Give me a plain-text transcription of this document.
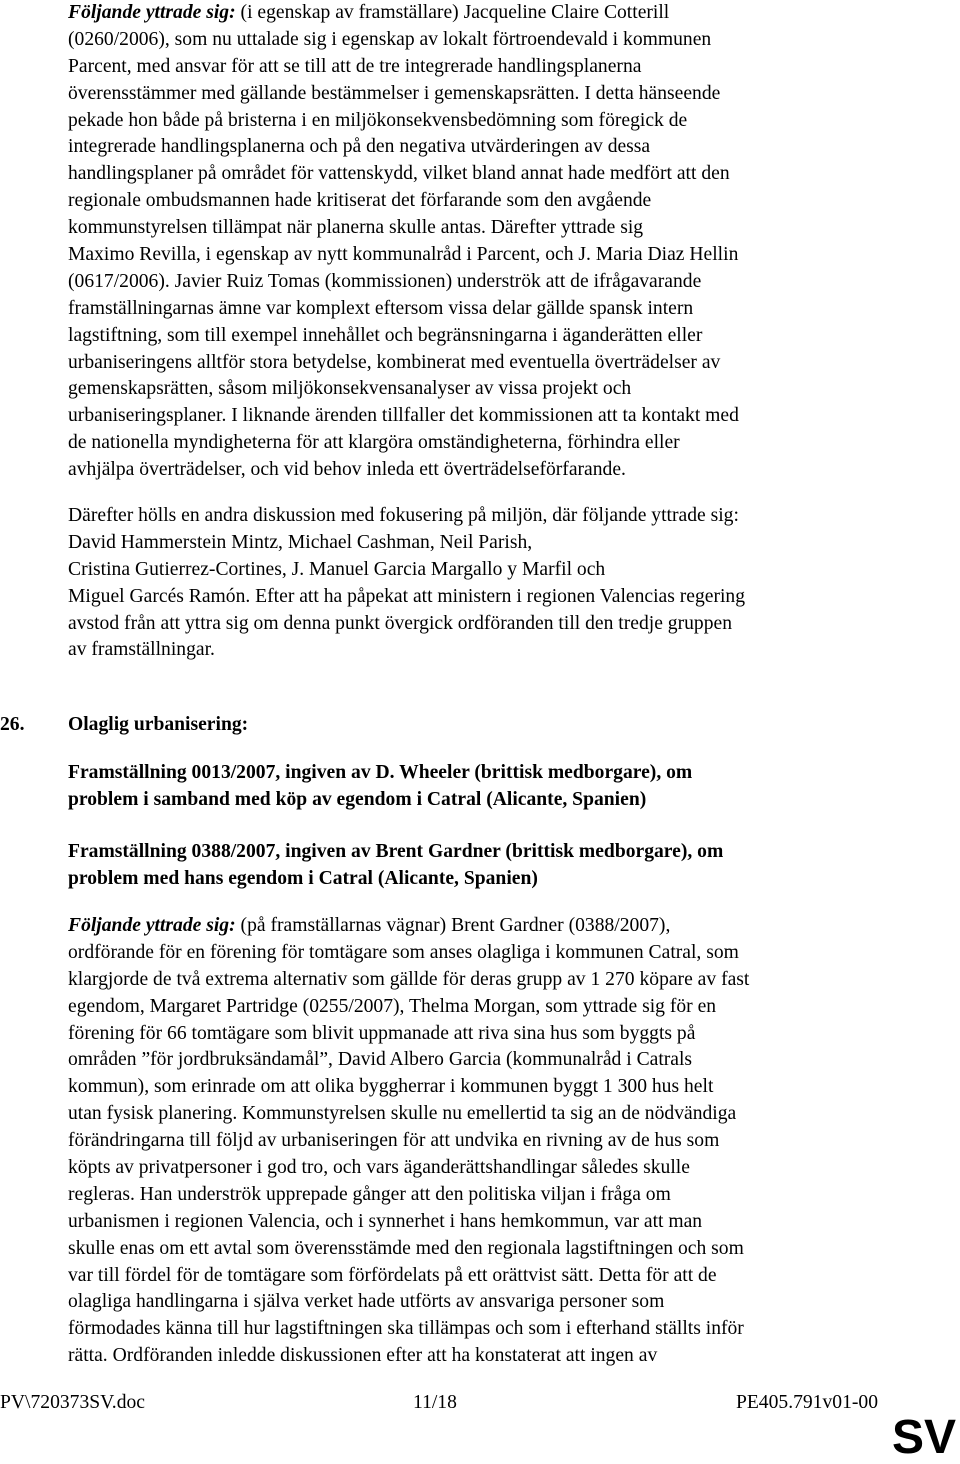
Följande yttrade sig: (i egenskap av framställare) Jacqueline Claire Cotterill
(0260/2006), som nu uttalade sig i egenskap av lokalt förtroendevald i kommunen
Parcent, med ansvar för att se till att de tre integrerade handlingsplanerna
överensstämmer med gällande bestämmelser i gemenskapsrätten. I detta hänseende
pekade hon både på bristerna i en miljökonsekvensbedömning som föregick de
integrerade handlingsplanerna och på den negativa utvärderingen av dessa
handlingsplaner på området för vattenskydd, vilket bland annat hade medfört att den
regionale ombudsmannen hade kritiserat det förfarande som den avgående
kommunstyrelsen tillämpat när planerna skulle antas. Därefter yttrade sig
Maximo Revilla, i egenskap av nytt kommunalråd i Parcent, och J. Maria Diaz Hellin
(0617/2006). Javier Ruiz Tomas (kommissionen) underströk att de ifrågavarande
framställningarnas ämne var komplext eftersom vissa delar gällde spansk intern
lagstiftning, som till exempel innehållet och begränsningarna i äganderätten eller
urbaniseringens alltför stora betydelse, kombinerat med eventuella överträdelser av
gemenskapsrätten, såsom miljökonsekvensanalyser av vissa projekt och
urbaniseringsplaner. I liknande ärenden tillfaller det kommissionen att ta kontakt med
de nationella myndigheterna för att klargöra omständigheterna, förhindra eller
avhjälpa överträdelser, och vid behov inleda ett överträdelseförfarande.
Därefter hölls en andra diskussion med fokusering på miljön, där följande yttrade sig:
David Hammerstein Mintz, Michael Cashman, Neil Parish,
Cristina Gutierrez-Cortines, J. Manuel Garcia Margallo y Marfil och
Miguel Garcés Ramón. Efter att ha påpekat att ministern i regionen Valencias regering
avstod från att yttra sig om denna punkt övergick ordföranden till den tredje gruppen
av framställningar.
26. Olaglig urbanisering:
Framställning 0013/2007, ingiven av D. Wheeler (brittisk medborgare), om
problem i samband med köp av egendom i Catral (Alicante, Spanien)
Framställning 0388/2007, ingiven av Brent Gardner (brittisk medborgare), om
problem med hans egendom i Catral (Alicante, Spanien)
Följande yttrade sig: (på framställarnas vägnar) Brent Gardner (0388/2007),
ordförande för en förening för tomtägare som anses olagliga i kommunen Catral, som
klargjorde de två extrema alternativ som gällde för deras grupp av 1 270 köpare av fast
egendom, Margaret Partridge (0255/2007), Thelma Morgan, som yttrade sig för en
förening för 66 tomtägare som blivit uppmanade att riva sina hus som byggts på
områden ”för jordbruksändamål”, David Albero Garcia (kommunalråd i Catrals
kommun), som erinrade om att olika byggherrar i kommunen byggt 1 300 hus helt
utan fysisk planering. Kommunstyrelsen skulle nu emellertid ta sig an de nödvändiga
förändringarna till följd av urbaniseringen för att undvika en rivning av de hus som
köpts av privatpersoner i god tro, och vars äganderättshandlingar således skulle
regleras. Han underströk upprepade gånger att den politiska viljan i fråga om
urbanismen i regionen Valencia, och i synnerhet i hans hemkommun, var att man
skulle enas om ett avtal som överensstämde med den regionala lagstiftningen och som
var till fördel för de tomtägare som förfördelats på ett orättvist sätt. Detta för att de
olagliga handlingarna i själva verket hade utförts av ansvariga personer som
förmodades känna till hur lagstiftningen ska tillämpas och som i efterhand ställts inför
rätta. Ordföranden inledde diskussionen efter att ha konstaterat att ingen av
PV\720373SV.doc	11/18	PE405.791v01-00
SV
